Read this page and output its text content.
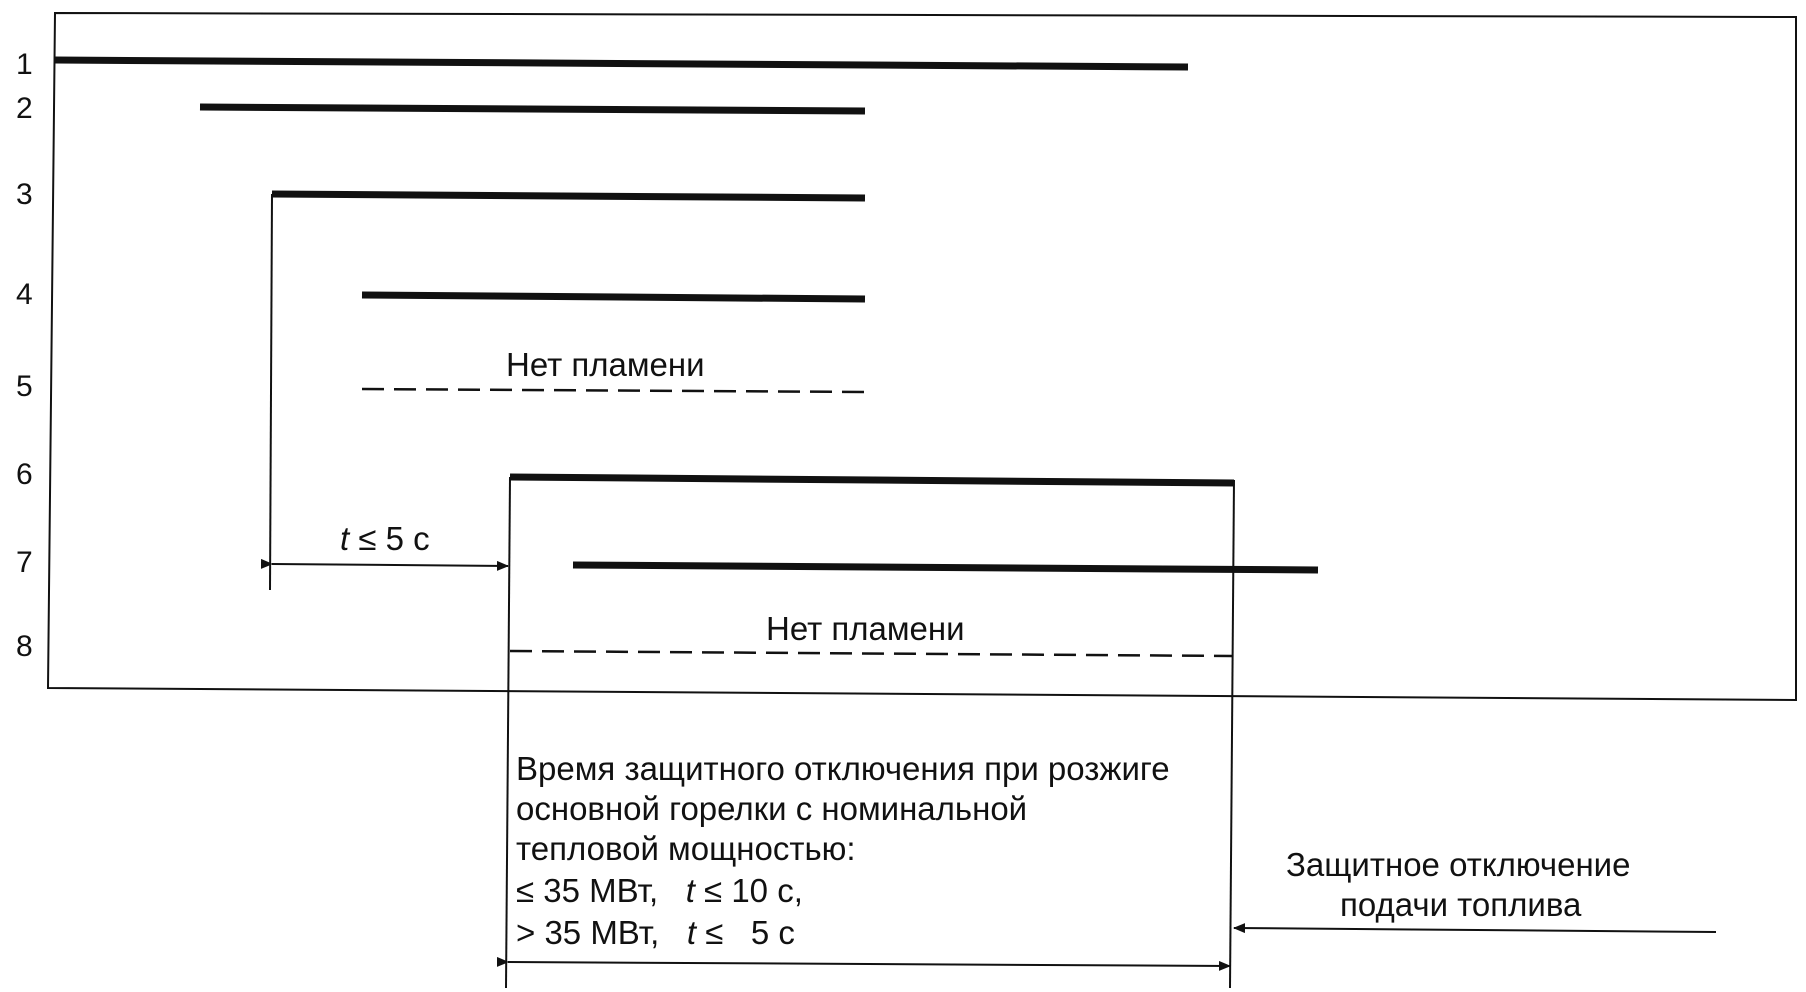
1
2
3
4
5
6
7
8
Нет пламени
Нет пламени
t ≤ 5 с
Время защитного отключения при розжиге
основной горелки с номинальной
тепловой мощностью:
≤ 35 МВт,   t ≤ 10 с,
> 35 МВт,   t ≤   5 с
Защитное отключение
подачи топлива
